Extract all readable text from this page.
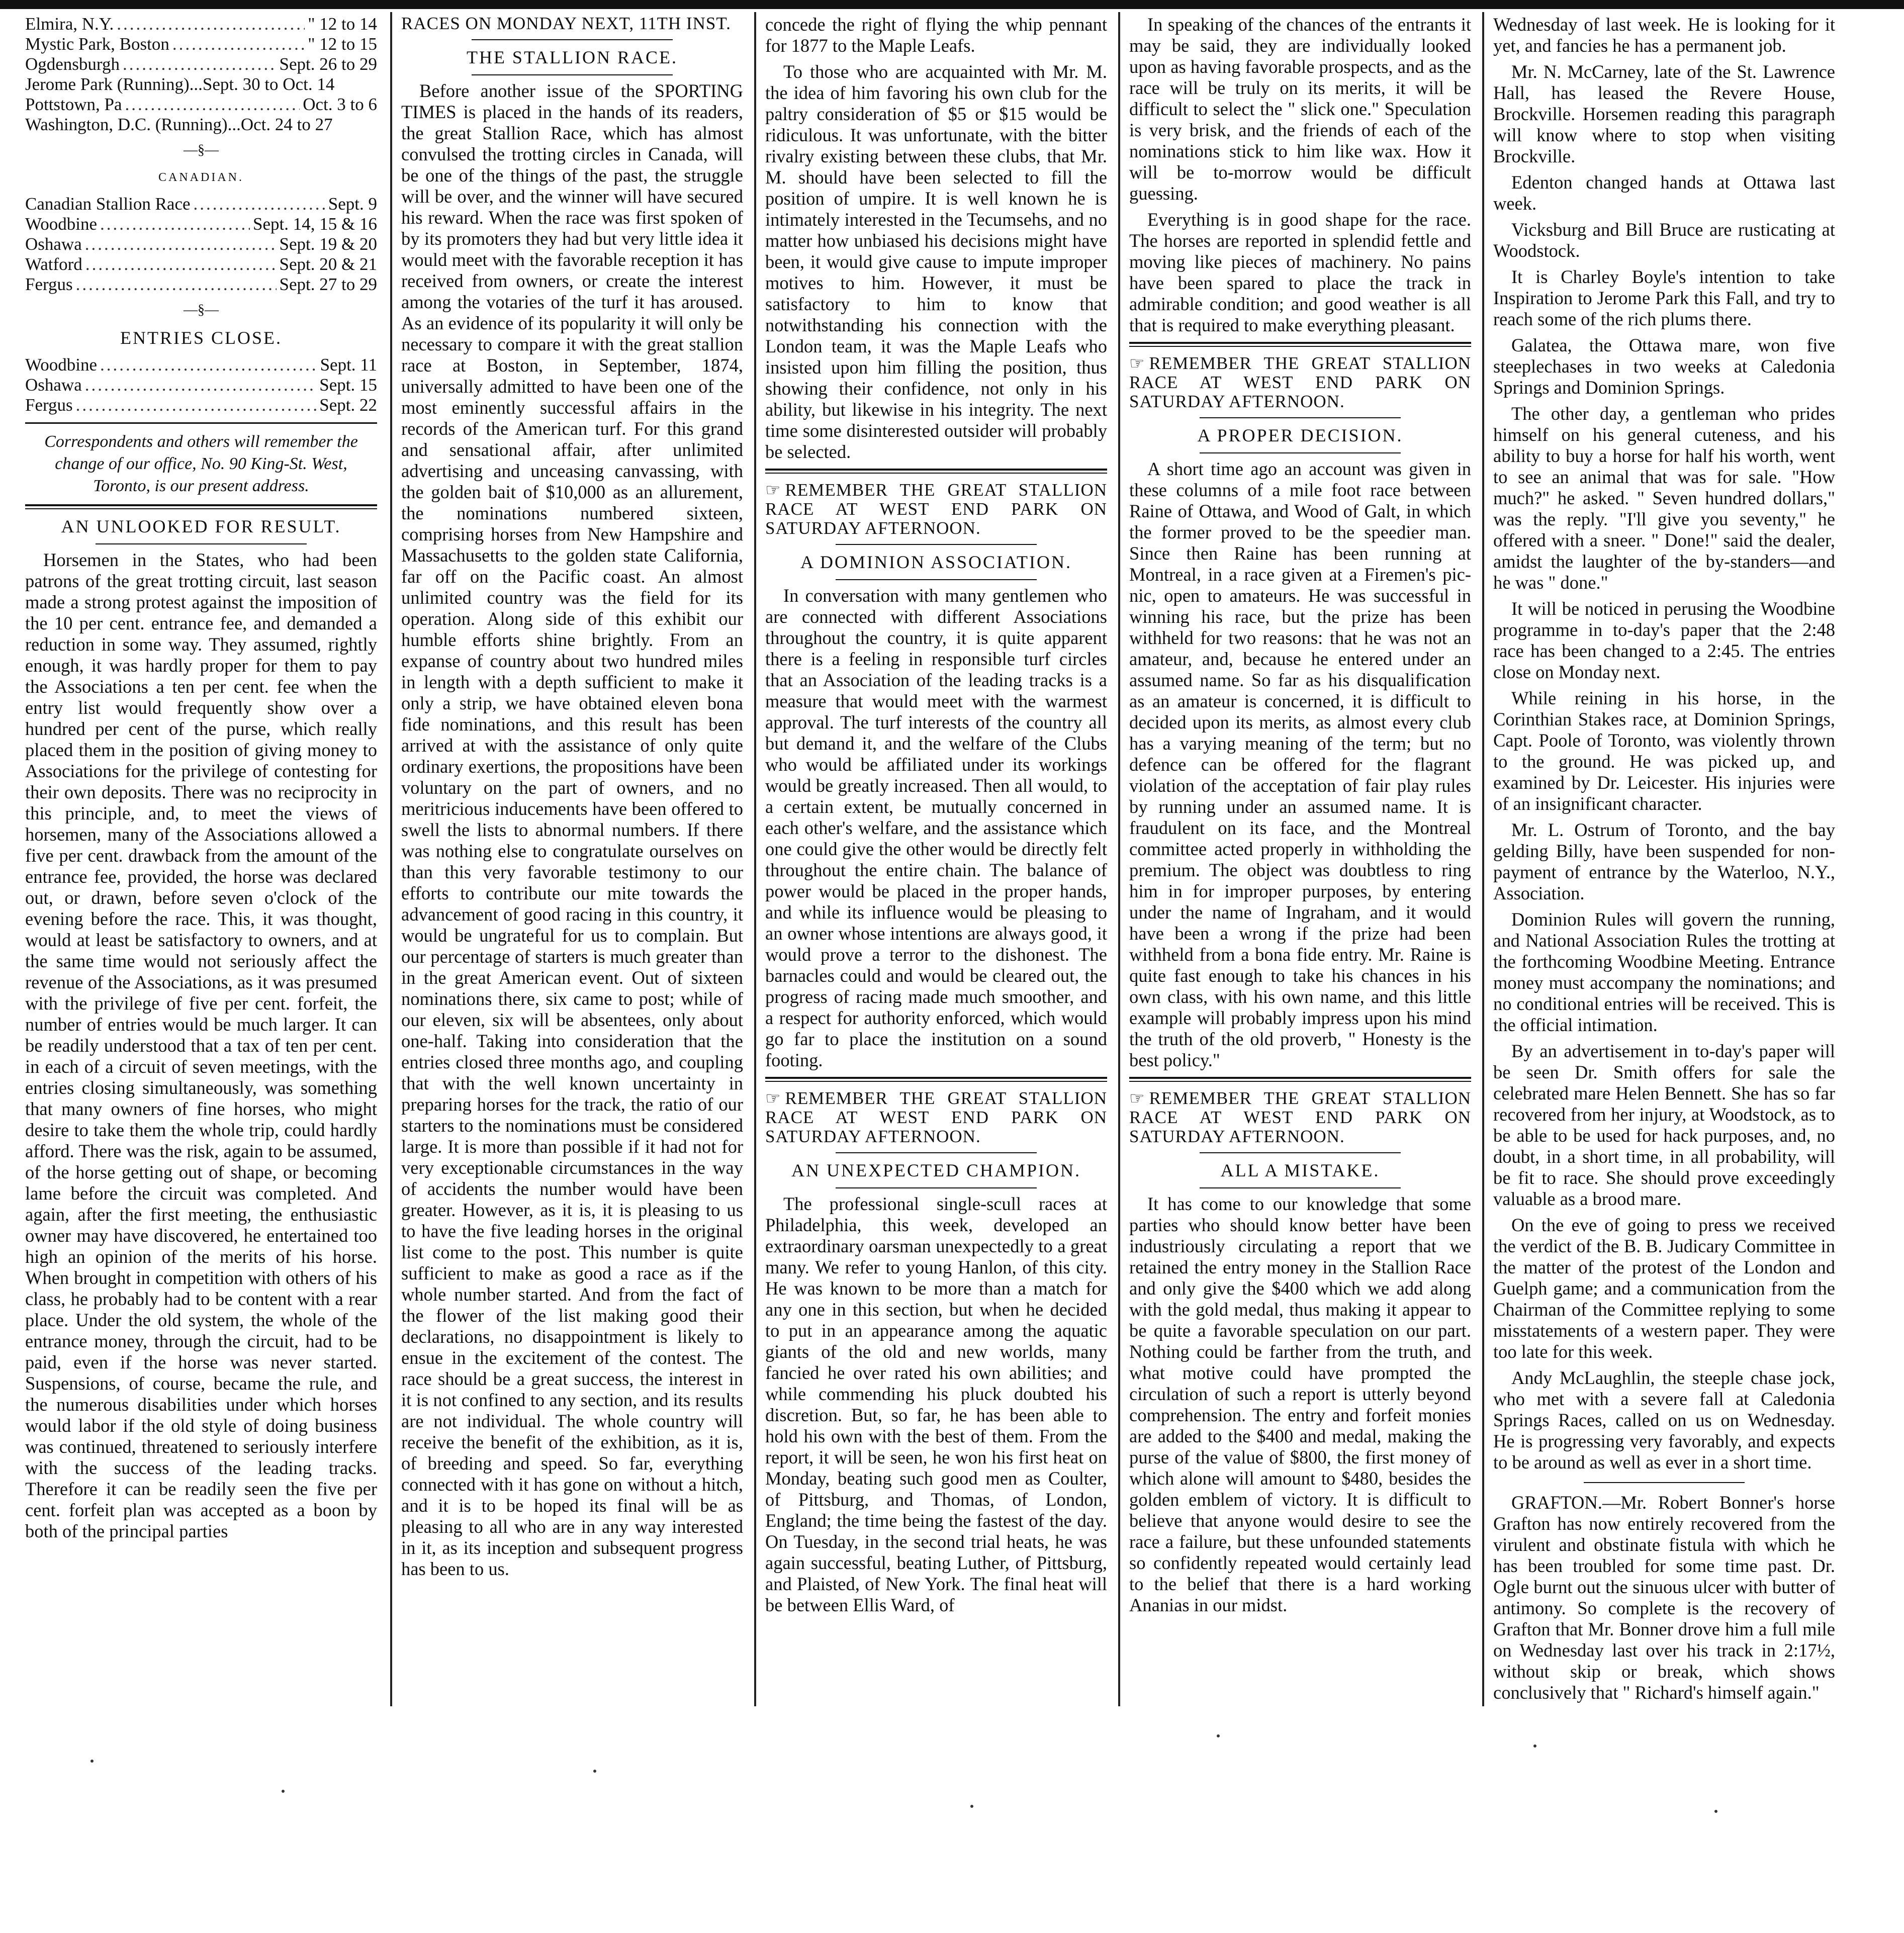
Elmira, N.Y. .....	" 12 to 14
Mystic Park, Boston .....	" 12 to 15
Ogdensburgh .....	Sept. 26 to 29
Jerome Park (Running)...Sept. 30 to Oct. 14
Pottstown, Pa .....	Oct. 3 to 6
Washington, D.C. (Running)...Oct. 24 to 27
—§—
CANADIAN.
Canadian Stallion Race .....	Sept. 9
Woodbine .....	Sept. 14, 15 & 16
Oshawa .....	Sept. 19 & 20
Watford .....	Sept. 20 & 21
Fergus .....	Sept. 27 to 29
—§—
ENTRIES CLOSE.
Woodbine .....	Sept. 11
Oshawa .....	Sept. 15
Fergus .....	Sept. 22
Correspondents and others will remember the change of our office, No. 90 King-St. West, Toronto, is our present address.
AN UNLOOKED FOR RESULT.

Horsemen in the States, who had been patrons of the great trotting circuit, last season made a strong protest against the imposition of the 10 per cent. entrance fee, and demanded a reduction in some way. They assumed, rightly enough, it was hardly proper for them to pay the Associations a ten per cent. fee when the entry list would frequently show over a hundred per cent of the purse, which really placed them in the position of giving money to Associations for the privilege of contesting for their own deposits. There was no reciprocity in this principle, and, to meet the views of horsemen, many of the Associations allowed a five per cent. drawback from the amount of the entrance fee, provided, the horse was declared out, or drawn, before seven o'clock of the evening before the race. This, it was thought, would at least be satisfactory to owners, and at the same time would not seriously affect the revenue of the Associations, as it was presumed with the privilege of five per cent. forfeit, the number of entries would be much larger. It can be readily understood that a tax of ten per cent. in each of a circuit of seven meetings, with the entries closing simultaneously, was something that many owners of fine horses, who might desire to take them the whole trip, could hardly afford. There was the risk, again to be assumed, of the horse getting out of shape, or becoming lame before the circuit was completed. And again, after the first meeting, the enthusiastic owner may have discovered, he entertained too high an opinion of the merits of his horse. When brought in competition with others of his class, he probably had to be content with a rear place. Under the old system, the whole of the entrance money, through the circuit, had to be paid, even if the horse was never started. Suspensions, of course, became the rule, and the numerous disabilities under which horses would labor if the old style of doing business was continued, threatened to seriously interfere with the success of the leading tracks. Therefore it can be readily seen the five per cent. forfeit plan was accepted as a boon by both of the principal parties

RACES ON MONDAY NEXT, 11TH INST.
THE STALLION RACE.

Before another issue of the SPORTING TIMES is placed in the hands of its readers, the great Stallion Race, which has almost convulsed the trotting circles in Canada, will be one of the things of the past, the struggle will be over, and the winner will have secured his reward. When the race was first spoken of by its promoters they had but very little idea it would meet with the favorable reception it has received from owners, or create the interest among the votaries of the turf it has aroused. As an evidence of its popularity it will only be necessary to compare it with the great stallion race at Boston, in September, 1874, universally admitted to have been one of the most eminently successful affairs in the records of the American turf. For this grand and sensational affair, after unlimited advertising and unceasing canvassing, with the golden bait of $10,000 as an allurement, the nominations numbered sixteen, comprising horses from New Hampshire and Massachusetts to the golden state California, far off on the Pacific coast. An almost unlimited country was the field for its operation. Along side of this exhibit our humble efforts shine brightly. From an expanse of country about two hundred miles in length with a depth sufficient to make it only a strip, we have obtained eleven bona fide nominations, and this result has been arrived at with the assistance of only quite ordinary exertions, the propositions have been voluntary on the part of owners, and no meritricious inducements have been offered to swell the lists to abnormal numbers. If there was nothing else to congratulate ourselves on than this very favorable testimony to our efforts to contribute our mite towards the advancement of good racing in this country, it would be ungrateful for us to complain. But our percentage of starters is much greater than in the great American event. Out of sixteen nominations there, six came to post; while of our eleven, six will be absentees, only about one-half. Taking into consideration that the entries closed three months ago, and coupling that with the well known uncertainty in preparing horses for the track, the ratio of our starters to the nominations must be considered large. It is more than possible if it had not for very exceptionable circumstances in the way of accidents the number would have been greater. However, as it is, it is pleasing to us to have the five leading horses in the original list come to the post. This number is quite sufficient to make as good a race as if the whole number started. And from the fact of the flower of the list making good their declarations, no disappointment is likely to ensue in the excitement of the contest. The race should be a great success, the interest in it is not confined to any section, and its results are not individual. The whole country will receive the benefit of the exhibition, as it is, of breeding and speed. So far, everything connected with it has gone on without a hitch, and it is to be hoped its final will be as pleasing to all who are in any way interested in it, as its inception and subsequent progress has been to us.

concede the right of flying the whip pennant for 1877 to the Maple Leafs.

To those who are acquainted with Mr. M. the idea of him favoring his own club for the paltry consideration of $5 or $15 would be ridiculous. It was unfortunate, with the bitter rivalry existing between these clubs, that Mr. M. should have been selected to fill the position of umpire. It is well known he is intimately interested in the Tecumsehs, and no matter how unbiased his decisions might have been, it would give cause to impute improper motives to him. However, it must be satisfactory to him to know that notwithstanding his connection with the London team, it was the Maple Leafs who insisted upon him filling the position, thus showing their confidence, not only in his ability, but likewise in his integrity. The next time some disinterested outsider will probably be selected.

☞ REMEMBER THE GREAT STALLION RACE AT WEST END PARK ON SATURDAY AFTERNOON.
A DOMINION ASSOCIATION.

In conversation with many gentlemen who are connected with different Associations throughout the country, it is quite apparent there is a feeling in responsible turf circles that an Association of the leading tracks is a measure that would meet with the warmest approval. The turf interests of the country all but demand it, and the welfare of the Clubs who would be affiliated under its workings would be greatly increased. Then all would, to a certain extent, be mutually concerned in each other's welfare, and the assistance which one could give the other would be directly felt throughout the entire chain. The balance of power would be placed in the proper hands, and while its influence would be pleasing to an owner whose intentions are always good, it would prove a terror to the dishonest. The barnacles could and would be cleared out, the progress of racing made much smoother, and a respect for authority enforced, which would go far to place the institution on a sound footing.

☞ REMEMBER THE GREAT STALLION RACE AT WEST END PARK ON SATURDAY AFTERNOON.
AN UNEXPECTED CHAMPION.

The professional single-scull races at Philadelphia, this week, developed an extraordinary oarsman unexpectedly to a great many. We refer to young Hanlon, of this city. He was known to be more than a match for any one in this section, but when he decided to put in an appearance among the aquatic giants of the old and new worlds, many fancied he over rated his own abilities; and while commending his pluck doubted his discretion. But, so far, he has been able to hold his own with the best of them. From the report, it will be seen, he won his first heat on Monday, beating such good men as Coulter, of Pittsburg, and Thomas, of London, England; the time being the fastest of the day. On Tuesday, in the second trial heats, he was again successful, beating Luther, of Pittsburg, and Plaisted, of New York. The final heat will be between Ellis Ward, of

In speaking of the chances of the entrants it may be said, they are individually looked upon as having favorable prospects, and as the race will be truly on its merits, it will be difficult to select the " slick one." Speculation is very brisk, and the friends of each of the nominations stick to him like wax. How it will be to-morrow would be difficult guessing.

Everything is in good shape for the race. The horses are reported in splendid fettle and moving like pieces of machinery. No pains have been spared to place the track in admirable condition; and good weather is all that is required to make everything pleasant.

☞ REMEMBER THE GREAT STALLION RACE AT WEST END PARK ON SATURDAY AFTERNOON.
A PROPER DECISION.

A short time ago an account was given in these columns of a mile foot race between Raine of Ottawa, and Wood of Galt, in which the former proved to be the speedier man. Since then Raine has been running at Montreal, in a race given at a Firemen's pic-nic, open to amateurs. He was successful in winning his race, but the prize has been withheld for two reasons: that he was not an amateur, and, because he entered under an assumed name. So far as his disqualification as an amateur is concerned, it is difficult to decided upon its merits, as almost every club has a varying meaning of the term; but no defence can be offered for the flagrant violation of the acceptation of fair play rules by running under an assumed name. It is fraudulent on its face, and the Montreal committee acted properly in withholding the premium. The object was doubtless to ring him in for improper purposes, by entering under the name of Ingraham, and it would have been a wrong if the prize had been withheld from a bona fide entry. Mr. Raine is quite fast enough to take his chances in his own class, with his own name, and this little example will probably impress upon his mind the truth of the old proverb, " Honesty is the best policy."

☞ REMEMBER THE GREAT STALLION RACE AT WEST END PARK ON SATURDAY AFTERNOON.
ALL A MISTAKE.

It has come to our knowledge that some parties who should know better have been industriously circulating a report that we retained the entry money in the Stallion Race and only give the $400 which we add along with the gold medal, thus making it appear to be quite a favorable speculation on our part. Nothing could be farther from the truth, and what motive could have prompted the circulation of such a report is utterly beyond comprehension. The entry and forfeit monies are added to the $400 and medal, making the purse of the value of $800, the first money of which alone will amount to $480, besides the golden emblem of victory. It is difficult to believe that anyone would desire to see the race a failure, but these unfounded statements so confidently repeated would certainly lead to the belief that there is a hard working Ananias in our midst.

Wednesday of last week. He is looking for it yet, and fancies he has a permanent job.

Mr. N. McCarney, late of the St. Lawrence Hall, has leased the Revere House, Brockville. Horsemen reading this paragraph will know where to stop when visiting Brockville.

Edenton changed hands at Ottawa last week.

Vicksburg and Bill Bruce are rusticating at Woodstock.

It is Charley Boyle's intention to take Inspiration to Jerome Park this Fall, and try to reach some of the rich plums there.

Galatea, the Ottawa mare, won five steeplechases in two weeks at Caledonia Springs and Dominion Springs.

The other day, a gentleman who prides himself on his general cuteness, and his ability to buy a horse for half his worth, went to see an animal that was for sale. "How much?" he asked. " Seven hundred dollars," was the reply. "I'll give you seventy," he offered with a sneer. " Done!" said the dealer, amidst the laughter of the by-standers—and he was " done."

It will be noticed in perusing the Woodbine programme in to-day's paper that the 2:48 race has been changed to a 2:45. The entries close on Monday next.

While reining in his horse, in the Corinthian Stakes race, at Dominion Springs, Capt. Poole of Toronto, was violently thrown to the ground. He was picked up, and examined by Dr. Leicester. His injuries were of an insignificant character.

Mr. L. Ostrum of Toronto, and the bay gelding Billy, have been suspended for non-payment of entrance by the Waterloo, N.Y., Association.

Dominion Rules will govern the running, and National Association Rules the trotting at the forthcoming Woodbine Meeting. Entrance money must accompany the nominations; and no conditional entries will be received. This is the official intimation.

By an advertisement in to-day's paper will be seen Dr. Smith offers for sale the celebrated mare Helen Bennett. She has so far recovered from her injury, at Woodstock, as to be able to be used for hack purposes, and, no doubt, in a short time, in all probability, will be fit to race. She should prove exceedingly valuable as a brood mare.

On the eve of going to press we received the verdict of the B. B. Judicary Committee in the matter of the protest of the London and Guelph game; and a communication from the Chairman of the Committee replying to some misstatements of a western paper. They were too late for this week.

Andy McLaughlin, the steeple chase jock, who met with a severe fall at Caledonia Springs Races, called on us on Wednesday. He is progressing very favorably, and expects to be around as well as ever in a short time.

GRAFTON.—Mr. Robert Bonner's horse Grafton has now entirely recovered from the virulent and obstinate fistula with which he has been troubled for some time past. Dr. Ogle burnt out the sinuous ulcer with butter of antimony. So complete is the recovery of Grafton that Mr. Bonner drove him a full mile on Wednesday last over his track in 2:17½, without skip or break, which shows conclusively that " Richard's himself again."
